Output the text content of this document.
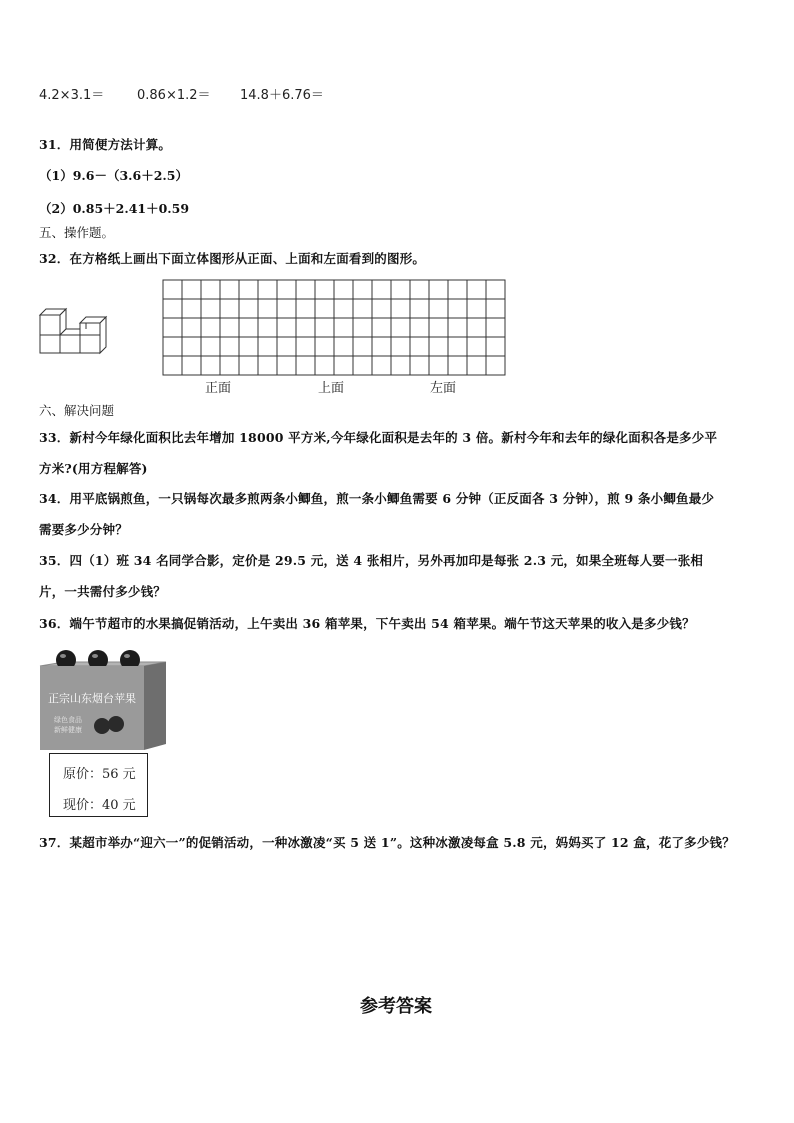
4.2×3.1＝	0.86×1.2＝ 14.8＋6.76＝
31．用简便方法计算。
（1）9.6－（3.6＋2.5）
（2）0.85＋2.41＋0.59
五、操作题。
32．在方格纸上画出下面立体图形从正面、上面和左面看到的图形。
正面	上面	左面
六、解决问题
33．新村今年绿化面积比去年增加 18000 平方米,今年绿化面积是去年的 3 倍。新村今年和去年的绿化面积各是多少平
方米?(用方程解答)
34．用平底锅煎鱼，一只锅每次最多煎两条小鲫鱼，煎一条小鲫鱼需要 6 分钟（正反面各 3 分钟），煎 9 条小鲫鱼最少
需要多少分钟？
35．四（1）班 34 名同学合影，定价是 29.5 元，送 4 张相片，另外再加印是每张 2.3 元，如果全班每人要一张相
片，一共需付多少钱？
36．端午节超市的水果搞促销活动，上午卖出 36 箱苹果，下午卖出 54 箱苹果。端午节这天苹果的收入是多少钱？
正宗山东烟台苹果
绿色食品
新鲜健康
原价：56 元
现价：40 元
37．某超市举办“迎六一”的促销活动，一种冰激凌“买 5 送 1”。这种冰激凌每盒 5.8 元，妈妈买了 12 盒，花了多少钱？
参考答案
